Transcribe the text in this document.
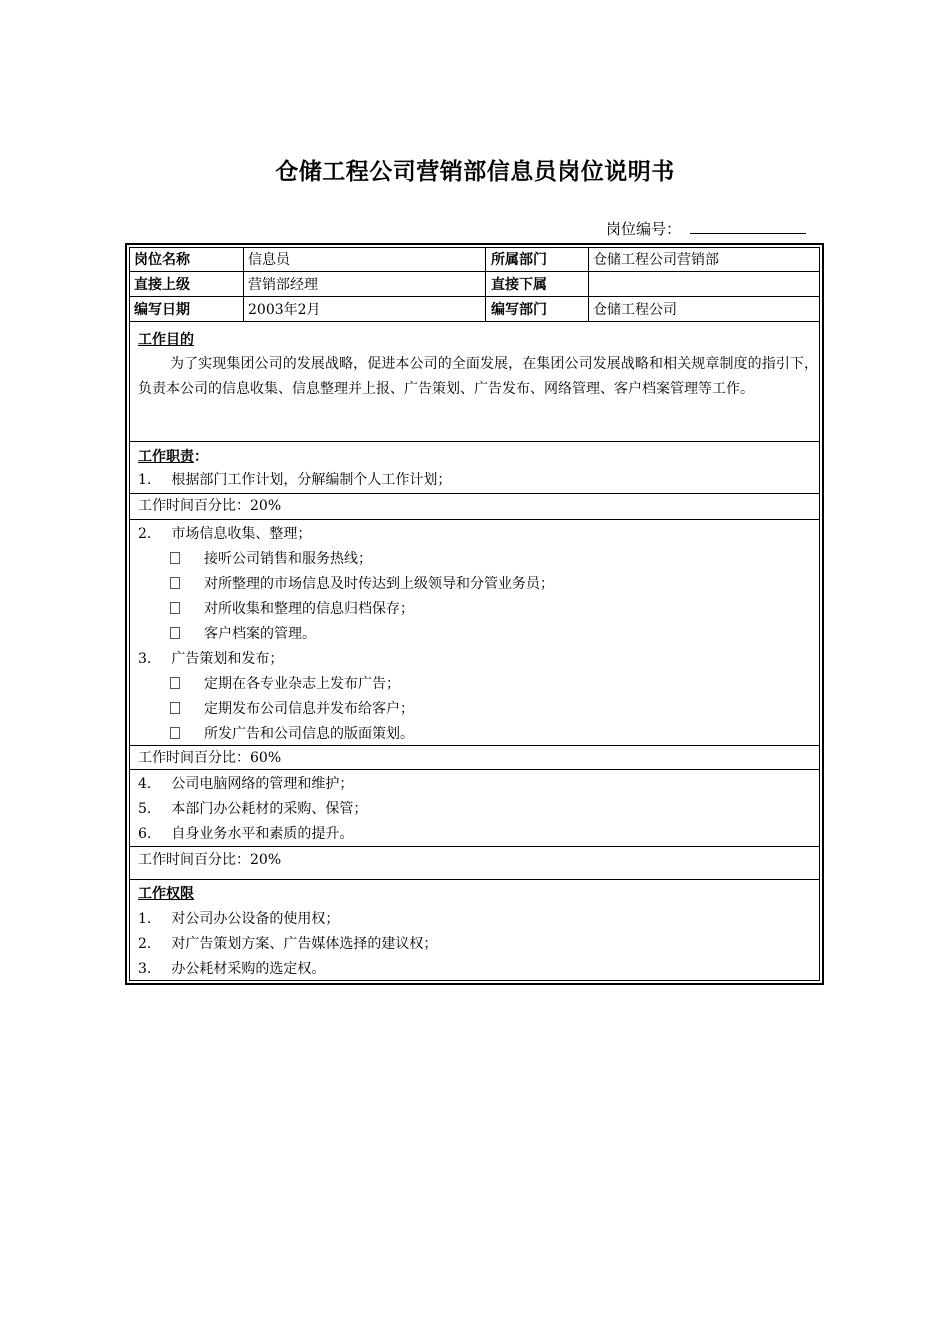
仓储工程公司营销部信息员岗位说明书
岗位编号：
岗位名称	信息员	所属部门	仓储工程公司营销部
直接上级	营销部经理	直接下属
编写日期	2003年2月	编写部门	仓储工程公司
工作目的
为了实现集团公司的发展战略，促进本公司的全面发展，在集团公司发展战略和相关规章制度的指引下，负责本公司的信息收集、信息整理并上报、广告策划、广告发布、网络管理、客户档案管理等工作。
工作职责：
1. 根据部门工作计划，分解编制个人工作计划；
工作时间百分比：20%
2. 市场信息收集、整理；
接听公司销售和服务热线；
对所整理的市场信息及时传达到上级领导和分管业务员；
对所收集和整理的信息归档保存；
客户档案的管理。
3. 广告策划和发布；
定期在各专业杂志上发布广告；
定期发布公司信息并发布给客户；
所发广告和公司信息的版面策划。
工作时间百分比：60%
4. 公司电脑网络的管理和维护；
5. 本部门办公耗材的采购、保管；
6. 自身业务水平和素质的提升。
工作时间百分比：20%
工作权限
1. 对公司办公设备的使用权；
2. 对广告策划方案、广告媒体选择的建议权；
3. 办公耗材采购的选定权。
